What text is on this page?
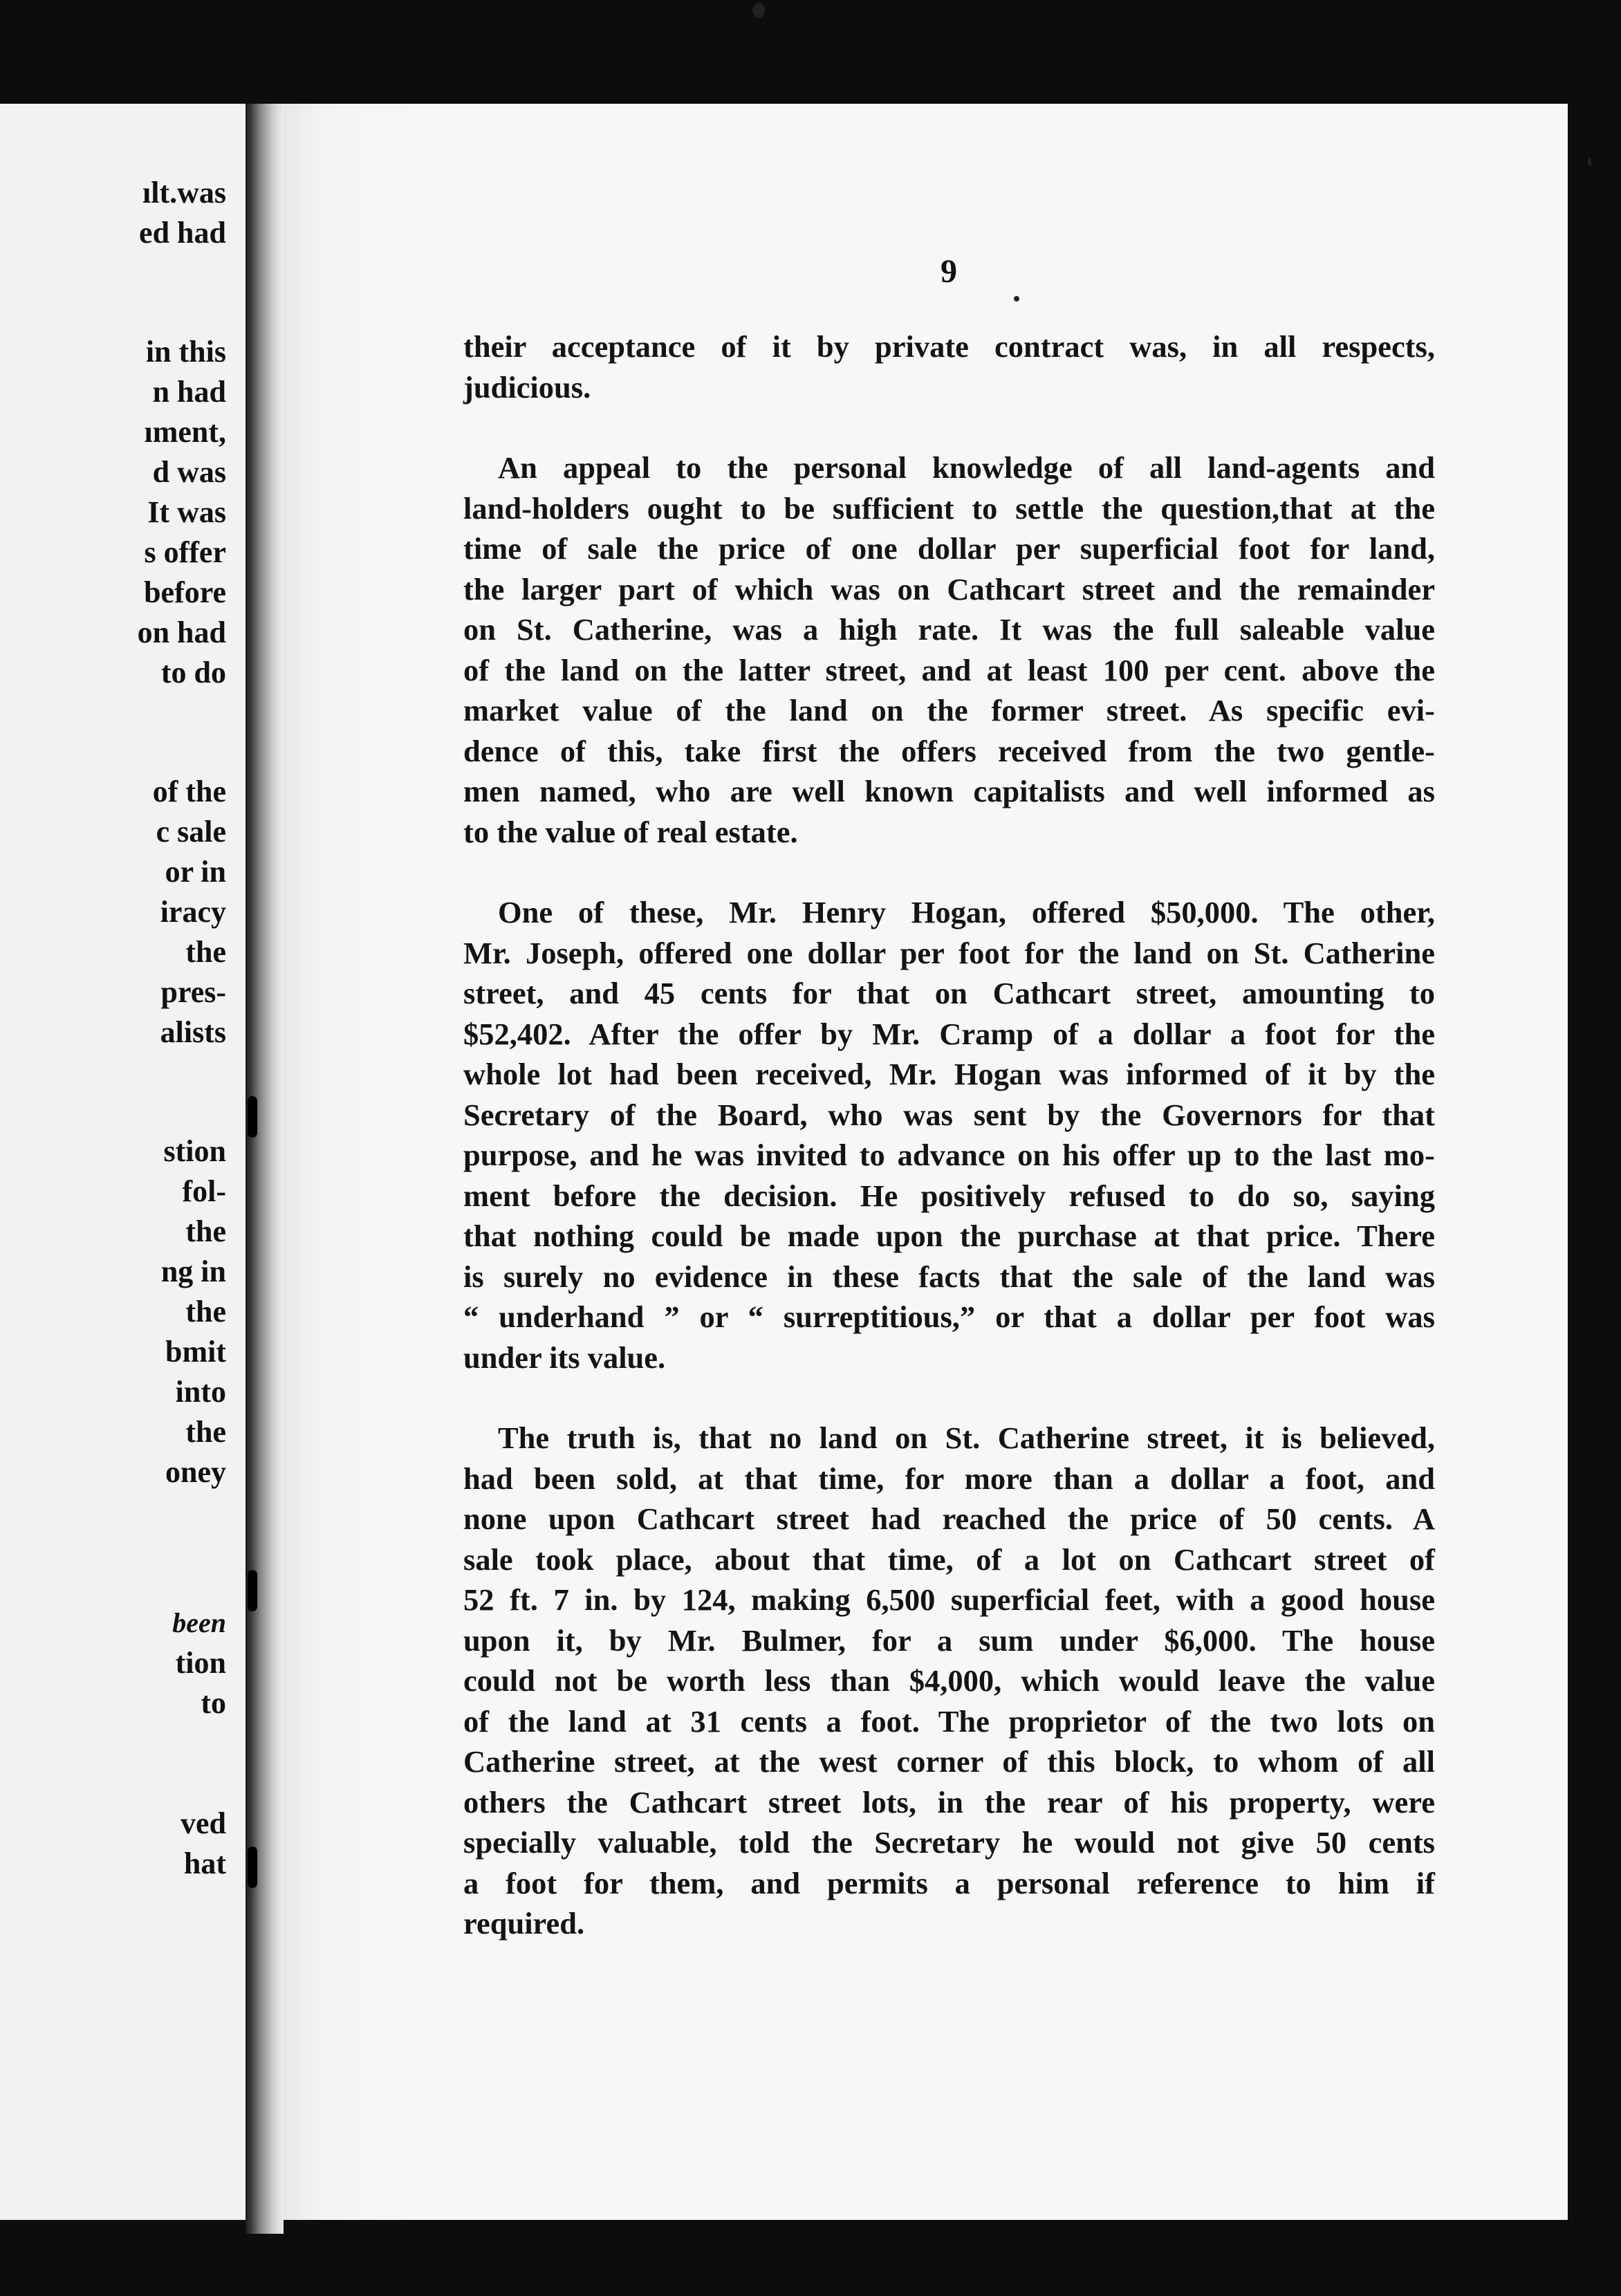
ılt.was
ed had
in this
n had
ıment,
d was
It was
s offer
before
on had
to do
of the
c sale
or in
iracy
the
pres-
alists
stion
fol-
the
ng in
the
bmit
into
the
oney
been
tion
to
ved
hat
9
their acceptance of it by private contract was, in all respects,
judicious.
An appeal to the personal knowledge of all land-agents and
land-holders ought to be sufficient to settle the question,that at the
time of sale the price of one dollar per superficial foot for land,
the larger part of which was on Cathcart street and the remainder
on St. Catherine, was a high rate. It was the full saleable value
of the land on the latter street, and at least 100 per cent. above the
market value of the land on the former street. As specific evi-
dence of this, take first the offers received from the two gentle-
men named, who are well known capitalists and well informed as
to the value of real estate.
One of these, Mr. Henry Hogan, offered $50,000. The other,
Mr. Joseph, offered one dollar per foot for the land on St. Catherine
street, and 45 cents for that on Cathcart street, amounting to
$52,402. After the offer by Mr. Cramp of a dollar a foot for the
whole lot had been received, Mr. Hogan was informed of it by the
Secretary of the Board, who was sent by the Governors for that
purpose, and he was invited to advance on his offer up to the last mo-
ment before the decision. He positively refused to do so, saying
that nothing could be made upon the purchase at that price. There
is surely no evidence in these facts that the sale of the land was
“ underhand ” or “ surreptitious,” or that a dollar per foot was
under its value.
The truth is, that no land on St. Catherine street, it is believed,
had been sold, at that time, for more than a dollar a foot, and
none upon Cathcart street had reached the price of 50 cents. A
sale took place, about that time, of a lot on Cathcart street of
52 ft. 7 in. by 124, making 6,500 superficial feet, with a good house
upon it, by Mr. Bulmer, for a sum under $6,000. The house
could not be worth less than $4,000, which would leave the value
of the land at 31 cents a foot. The proprietor of the two lots on
Catherine street, at the west corner of this block, to whom of all
others the Cathcart street lots, in the rear of his property, were
specially valuable, told the Secretary he would not give 50 cents
a foot for them, and permits a personal reference to him if
required.
